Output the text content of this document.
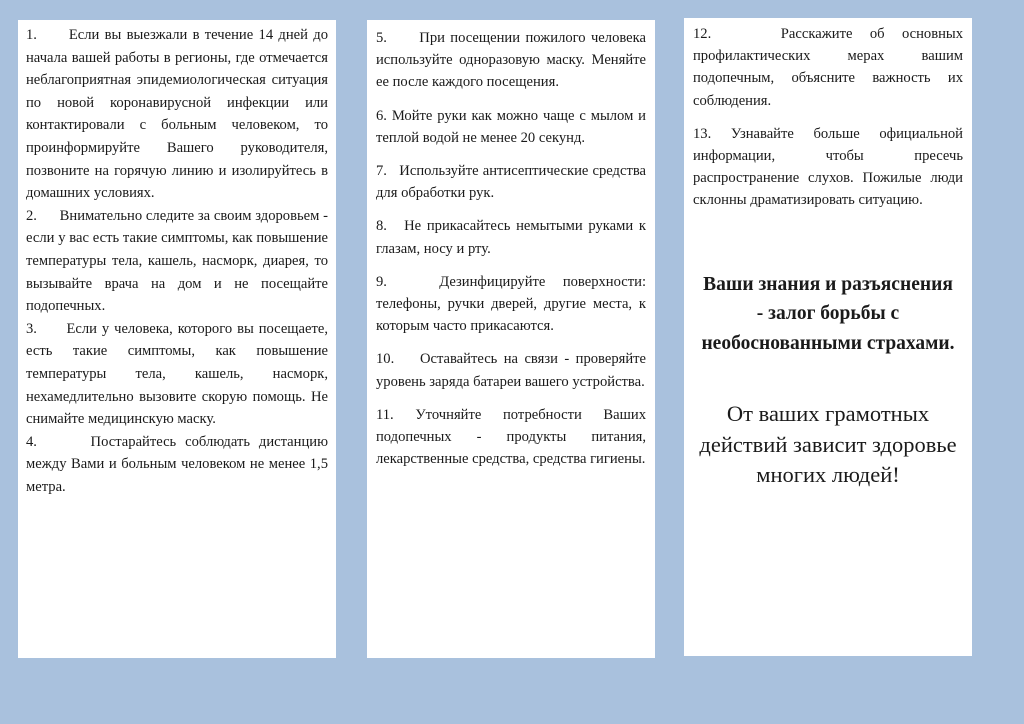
1.      Если вы выезжали в течение 14 дней до начала вашей работы в регионы, где отмечается неблагоприятная эпидемиологическая ситуация по новой коронавирусной инфекции или контактировали с больным человеком, то проинформируйте Вашего руководителя, позвоните на горячую линию и изолируйтесь в домашних условиях.

2.      Внимательно следите за своим здоровьем - если у вас есть такие симптомы, как повышение температуры тела, кашель, насморк, диарея, то вызывайте врача на дом и не посещайте подопечных.

3.      Если у человека, которого вы посещаете, есть такие симптомы, как повышение температуры тела, кашель, насморк, нехамедлительно вызовите скорую помощь. Не снимайте медицинскую маску.

4.      Постарайтесь соблюдать дистанцию между Вами и больным человеком не менее 1,5 метра.

5.      При посещении пожилого человека используйте одноразовую маску. Меняйте ее после каждого посещения.

6. Мойте руки как можно чаще с мылом и теплой водой не менее 20 секунд.

7.   Используйте антисептические средства для обработки рук.

8.   Не прикасайтесь немытыми руками к глазам, носу и рту.

9.   Дезинфицируйте поверхности: телефоны, ручки дверей, другие места, к которым часто прикасаются.

10.    Оставайтесь на связи - проверяйте уровень заряда батареи вашего устройства.

11. Уточняйте потребности Ваших подопечных - продукты питания, лекарственные средства, средства гигиены.

12.    Расскажите об основных профилактических мерах вашим подопечным, объясните важность их соблюдения.

13. Узнавайте больше официальной информации, чтобы пресечь распространение слухов. Пожилые люди склонны драматизировать ситуацию.

Ваши знания и разъяснения - залог борьбы с необоснованными страхами.
От ваших грамотных действий зависит здоровье многих людей!
